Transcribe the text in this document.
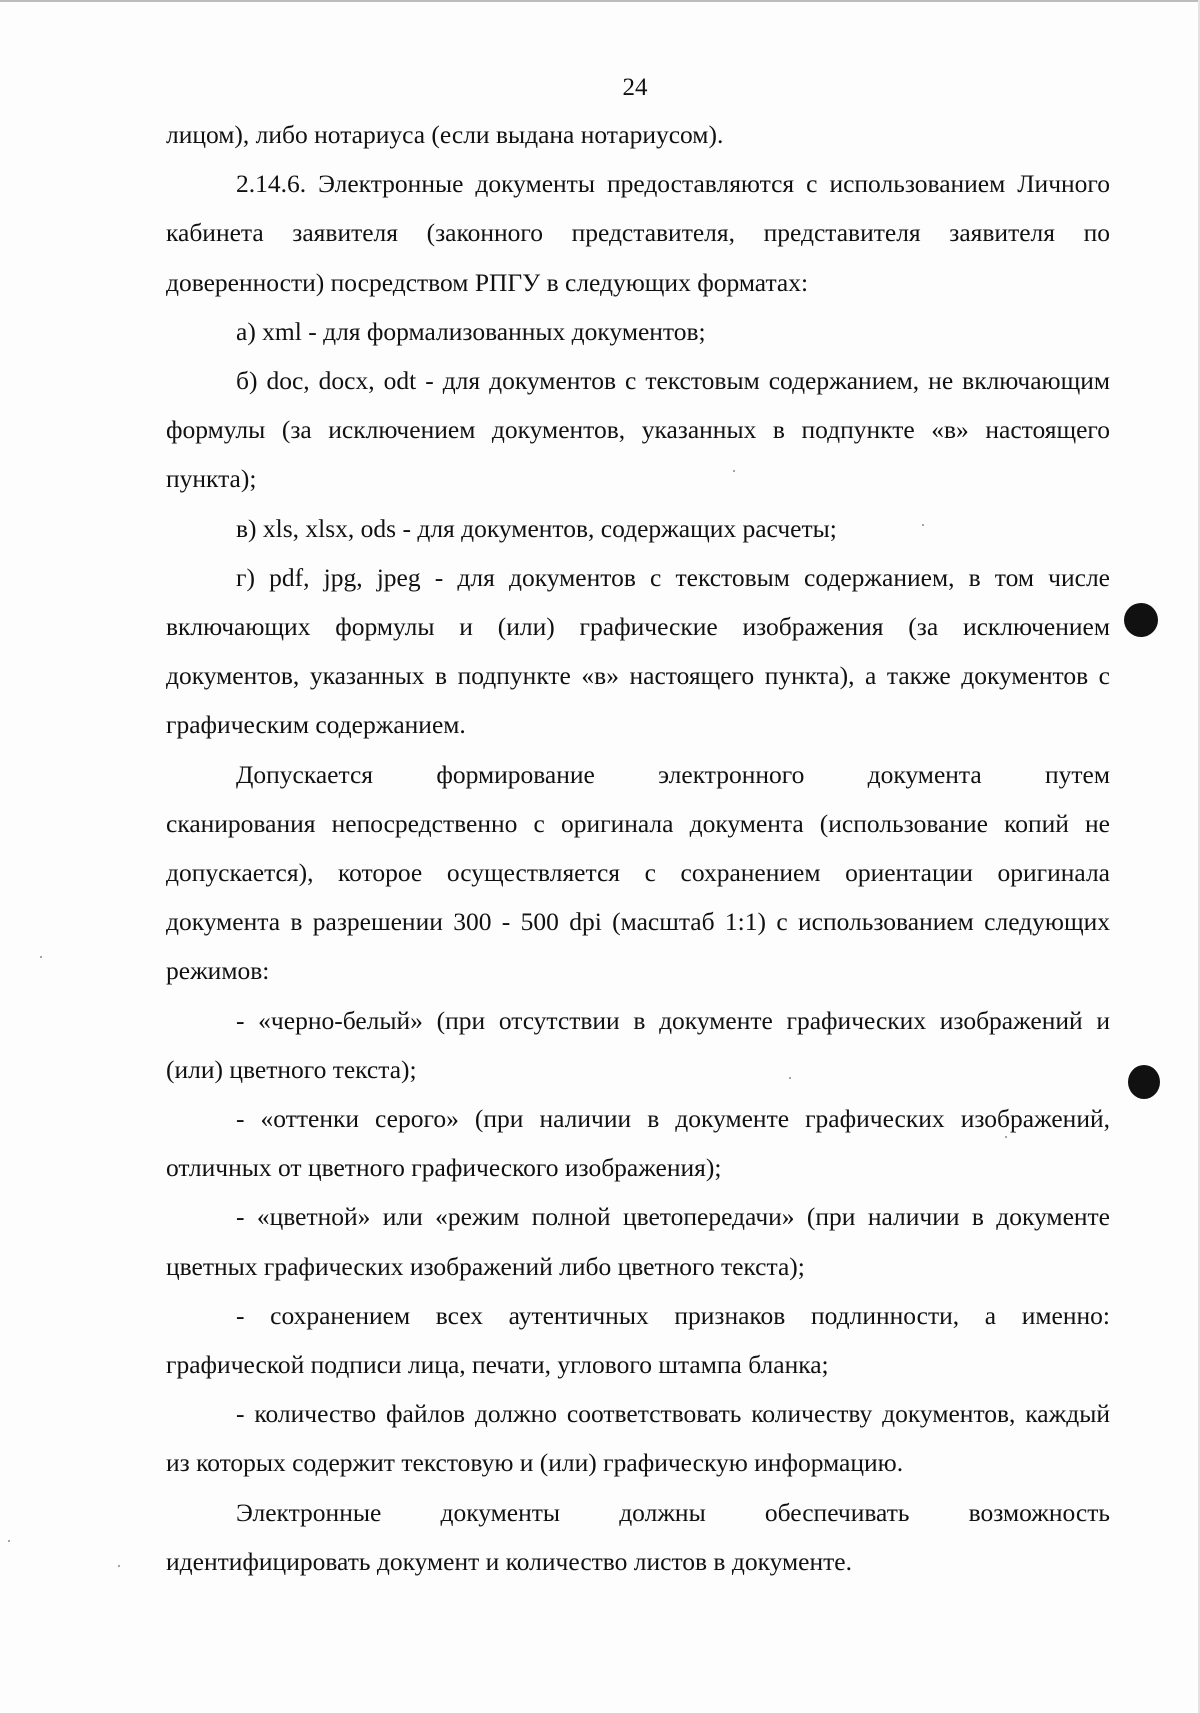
24

лицом), либо нотариуса (если выдана нотариусом).

2.14.6. Электронные документы предоставляются с использованием Личного кабинета заявителя (законного представителя, представителя заявителя по доверенности) посредством РПГУ в следующих форматах:

а) xml - для формализованных документов;

б) doc, docx, odt - для документов с текстовым содержанием, не включающим формулы (за исключением документов, указанных в подпункте «в» настоящего пункта);

в) xls, xlsx, ods - для документов, содержащих расчеты;

г) pdf, jpg, jpeg - для документов с текстовым содержанием, в том числе включающих формулы и (или) графические изображения (за исключением документов, указанных в подпункте «в» настоящего пункта), а также документов с графическим содержанием.

Допускается формирование электронного документа путем

сканирования непосредственно с оригинала документа (использование копий не допускается), которое осуществляется с сохранением ориентации оригинала документа в разрешении 300 - 500 dpi (масштаб 1:1) с использованием следующих режимов:

- «черно-белый» (при отсутствии в документе графических изображений и (или) цветного текста);

- «оттенки серого» (при наличии в документе графических изображений, отличных от цветного графического изображения);

- «цветной» или «режим полной цветопередачи» (при наличии в документе цветных графических изображений либо цветного текста);

- сохранением всех аутентичных признаков подлинности, а именно: графической подписи лица, печати, углового штампа бланка;

- количество файлов должно соответствовать количеству документов, каждый из которых содержит текстовую и (или) графическую информацию.

Электронные документы должны обеспечивать возможность

идентифицировать документ и количество листов в документе.
